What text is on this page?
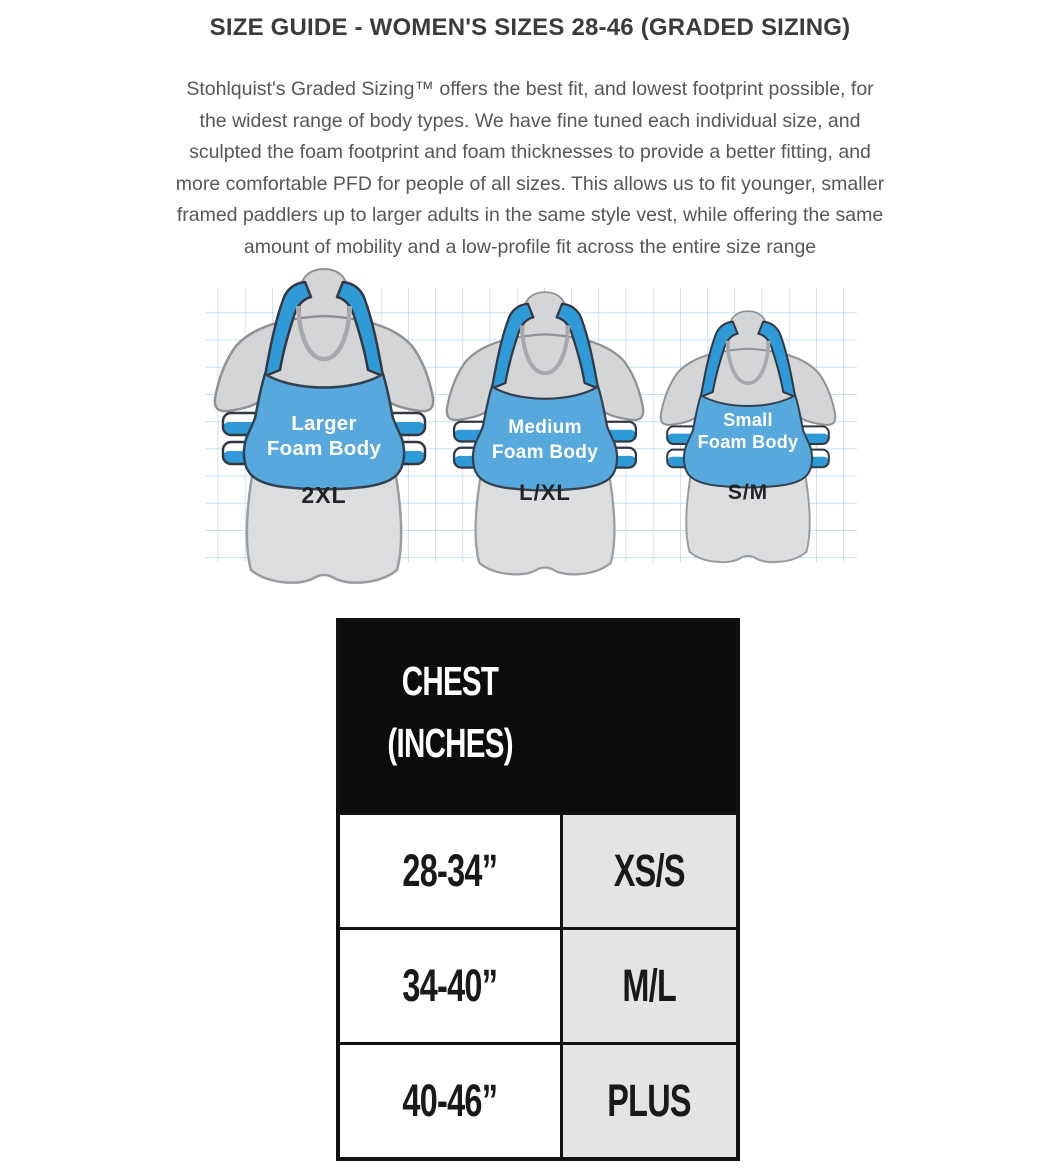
SIZE GUIDE - WOMEN'S SIZES 28-46 (GRADED SIZING)
Stohlquist's Graded Sizing™ offers the best fit, and lowest footprint possible, for
the widest range of body types. We have fine tuned each individual size, and
sculpted the foam footprint and foam thicknesses to provide a better fitting, and
more comfortable PFD for people of all sizes. This allows us to fit younger, smaller
framed paddlers up to larger adults in the same style vest, while offering the same
amount of mobility and a low-profile fit across the entire size range
Larger
Foam Body
2XL
Medium
Foam Body
L/XL
Small
Foam Body
S/M
CHEST
(INCHES)	

28-34”	XS/S
34-40”	M/L
40-46”	PLUS
